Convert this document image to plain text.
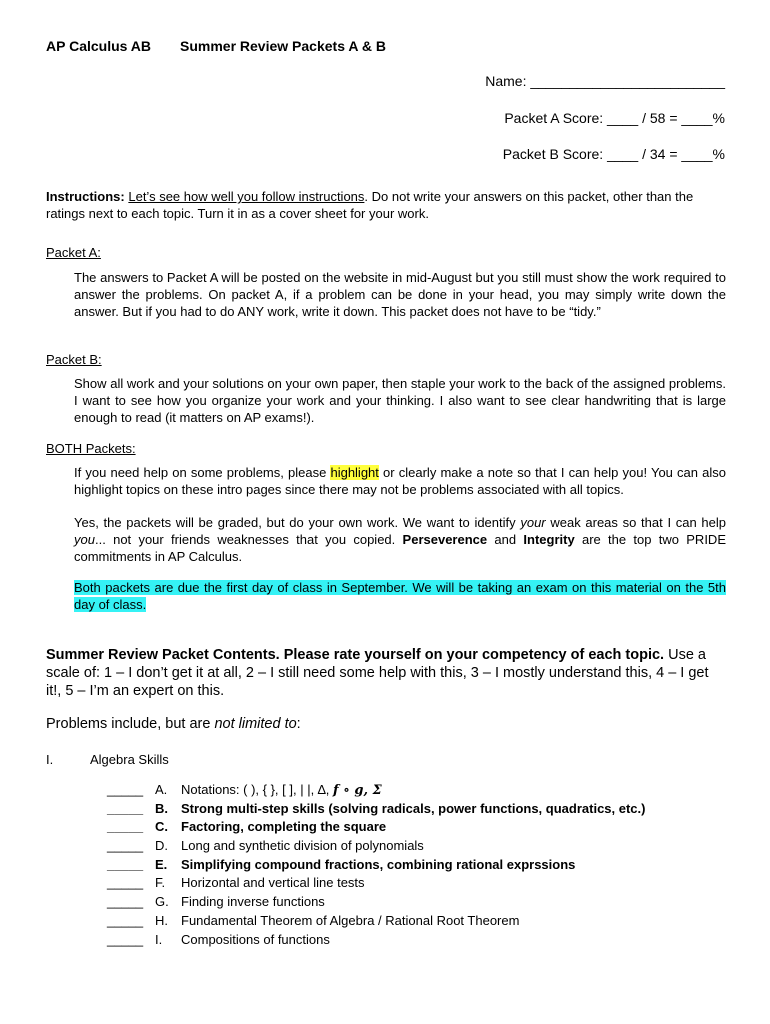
AP Calculus AB Summer Review Packets A & B
Name: _________________________
Packet A Score: ____ / 58 = ____%
Packet B Score: ____ / 34 = ____%
Instructions: Let’s see how well you follow instructions. Do not write your answers on this packet, other than the ratings next to each topic. Turn it in as a cover sheet for your work.
Packet A:
The answers to Packet A will be posted on the website in mid-August but you still must show the work required to answer the problems. On packet A, if a problem can be done in your head, you may simply write down the answer. But if you had to do ANY work, write it down. This packet does not have to be “tidy.”
Packet B:
Show all work and your solutions on your own paper, then staple your work to the back of the assigned problems. I want to see how you organize your work and your thinking. I also want to see clear handwriting that is large enough to read (it matters on AP exams!).
BOTH Packets:
If you need help on some problems, please highlight or clearly make a note so that I can help you! You can also highlight topics on these intro pages since there may not be problems associated with all topics.
Yes, the packets will be graded, but do your own work. We want to identify your weak areas so that I can help you... not your friends weaknesses that you copied. Perseverence and Integrity are the top two PRIDE commitments in AP Calculus.
Both packets are due the first day of class in September. We will be taking an exam on this material on the 5th day of class.
Summer Review Packet Contents. Please rate yourself on your competency of each topic. Use a scale of: 1 – I don’t get it at all, 2 – I still need some help with this, 3 – I mostly understand this, 4 – I get it!, 5 – I’m an expert on this.
Problems include, but are not limited to:
I.	Algebra Skills
_____ A.	Notations: ( ), { }, [ ], | |, ∆, f ∘ g, Σ
_____ B.	Strong multi-step skills (solving radicals, power functions, quadratics, etc.)
_____ C.	Factoring, completing the square
_____ D.	Long and synthetic division of polynomials
_____ E.	Simplifying compound fractions, combining rational exprssions
_____ F.	Horizontal and vertical line tests
_____ G. Finding inverse functions
_____ H.	Fundamental Theorem of Algebra / Rational Root Theorem
_____ I.	Compositions of functions
